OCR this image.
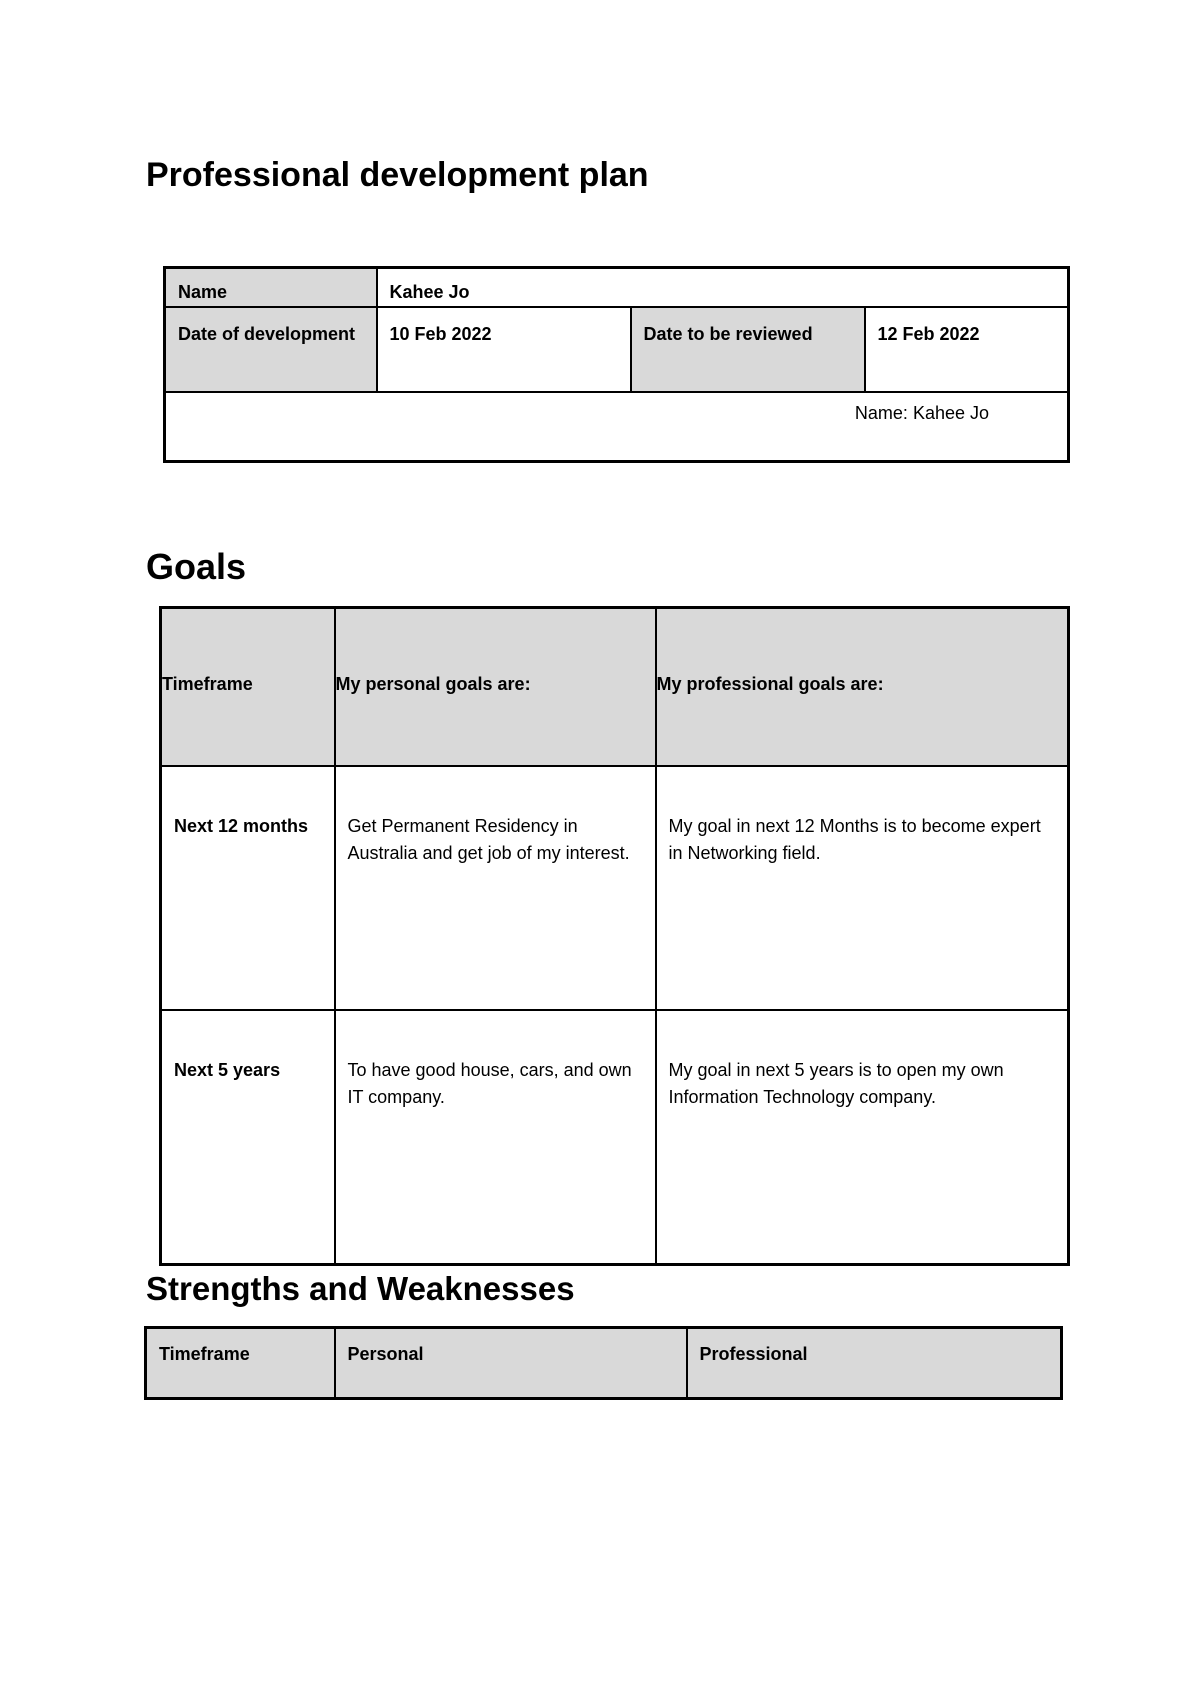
Professional development plan
Name	Kahee Jo		
Date of development	10 Feb 2022	Date to be reviewed	12 Feb 2022
Name: Kahee Jo			
Goals
Timeframe	My personal goals are:	My professional goals are:
Next 12 months	Get Permanent Residency in Australia and get job of my interest.	My goal in next 12 Months is to become expert in Networking field.
Next 5 years	To have good house, cars, and own IT company.	My goal in next 5 years is to open my own Information Technology company.
Strengths and Weaknesses
Timeframe	Personal	Professional
